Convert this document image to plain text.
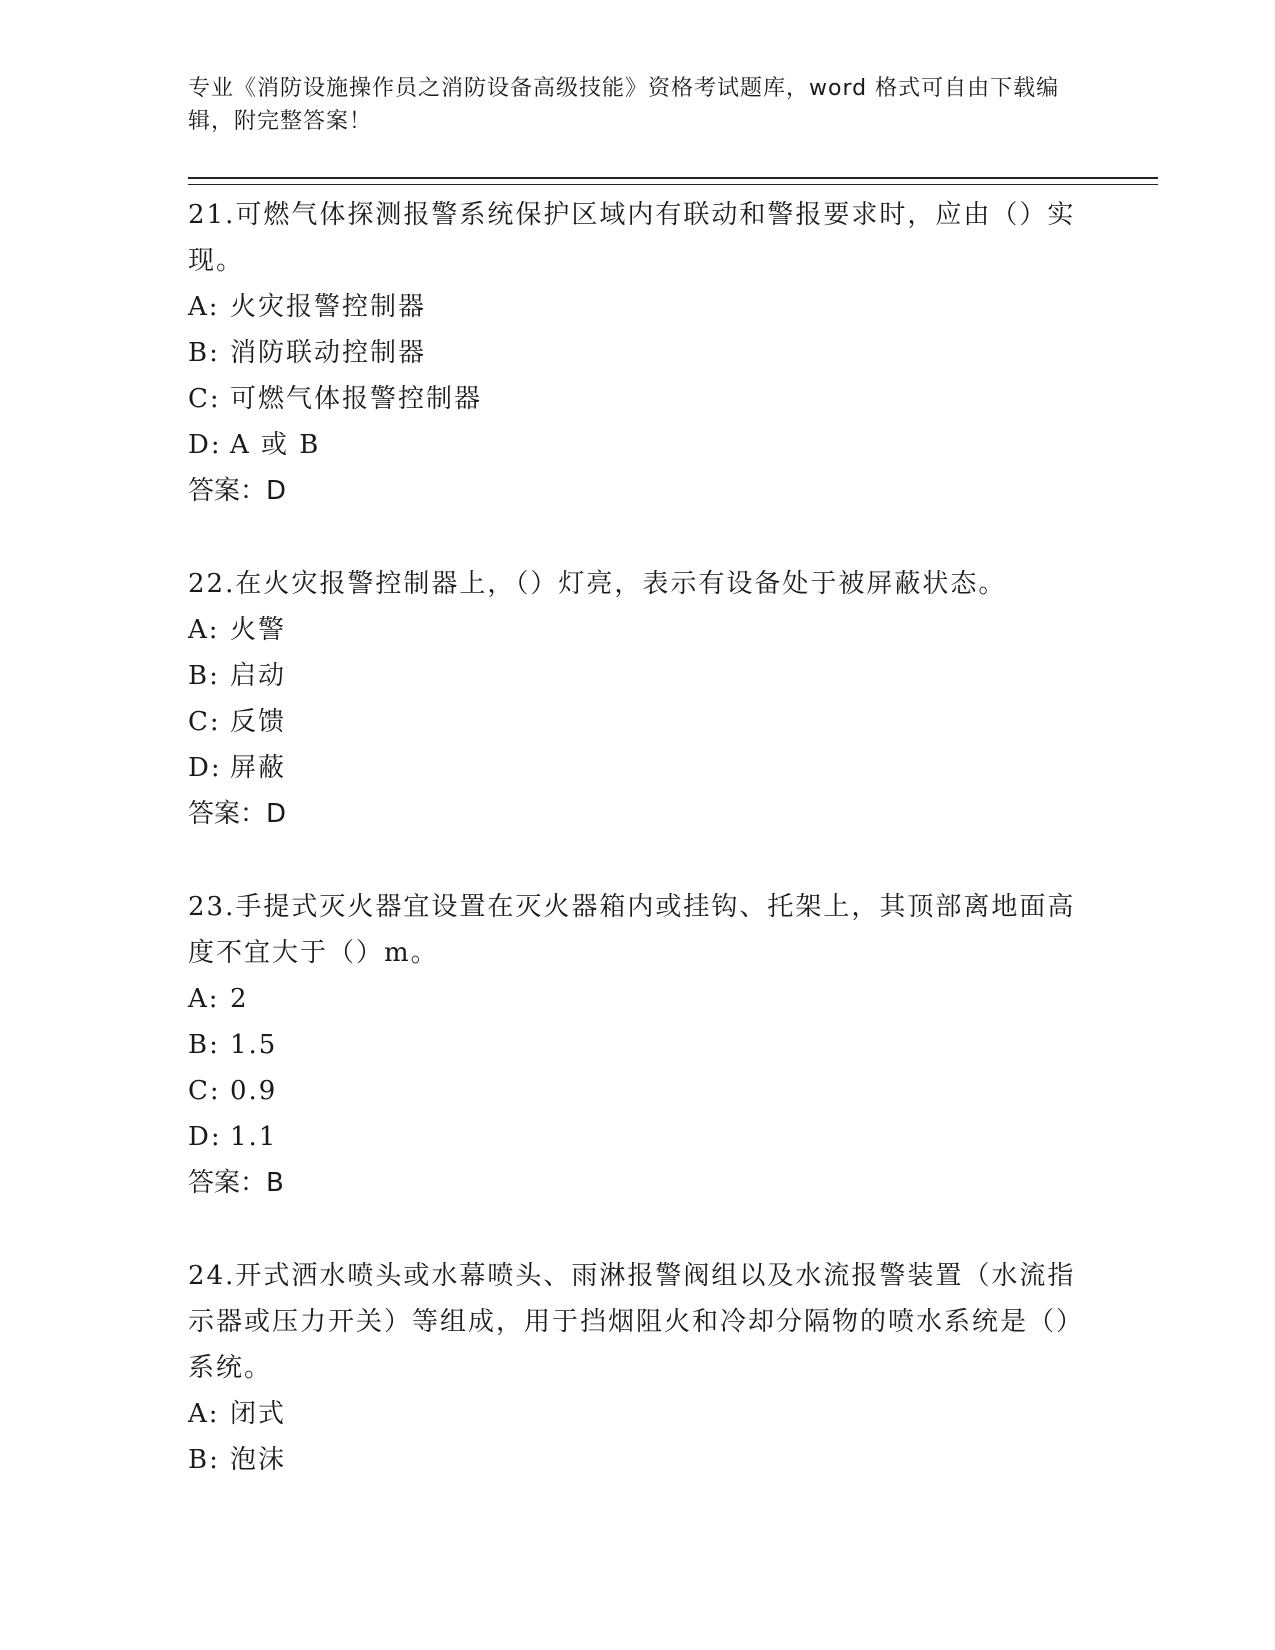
专业《消防设施操作员之消防设备高级技能》资格考试题库，word 格式可自由下载编辑，附完整答案！

21.可燃气体探测报警系统保护区域内有联动和警报要求时，应由（）实现。

A: 火灾报警控制器
B: 消防联动控制器
C: 可燃气体报警控制器
D: A 或 B
答案：D

22.在火灾报警控制器上，（）灯亮，表示有设备处于被屏蔽状态。

A: 火警
B: 启动
C: 反馈
D: 屏蔽
答案：D

23.手提式灭火器宜设置在灭火器箱内或挂钩、托架上，其顶部离地面高度不宜大于（）m。

A: 2
B: 1.5
C: 0.9
D: 1.1
答案：B

24.开式洒水喷头或水幕喷头、雨淋报警阀组以及水流报警装置（水流指示器或压力开关）等组成，用于挡烟阻火和冷却分隔物的喷水系统是（）系统。

A: 闭式
B: 泡沫
